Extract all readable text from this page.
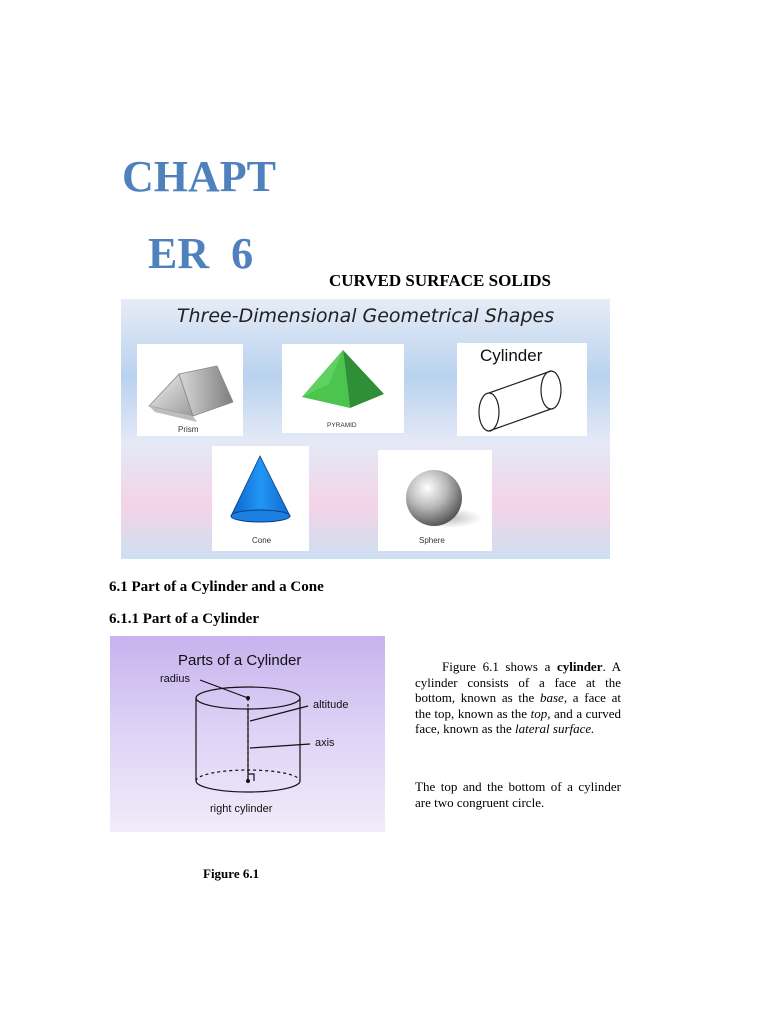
CHAPT
ER  6
CURVED SURFACE SOLIDS
Three-Dimensional Geometrical Shapes
Prism	PYRAMID
Cylinder
Cone	Sphere
6.1 Part of a Cylinder and a Cone
6.1.1 Part of a Cylinder
Parts of a Cylinder
radius
altitude
axis
right cylinder
Figure 6.1

Figure 6.1 shows a cylinder. A cylinder consists of a face at the bottom, known as the base, a face at the top, known as the top, and a curved face, known as the lateral surface.

The top and the bottom of a cylinder are two congruent circle.
